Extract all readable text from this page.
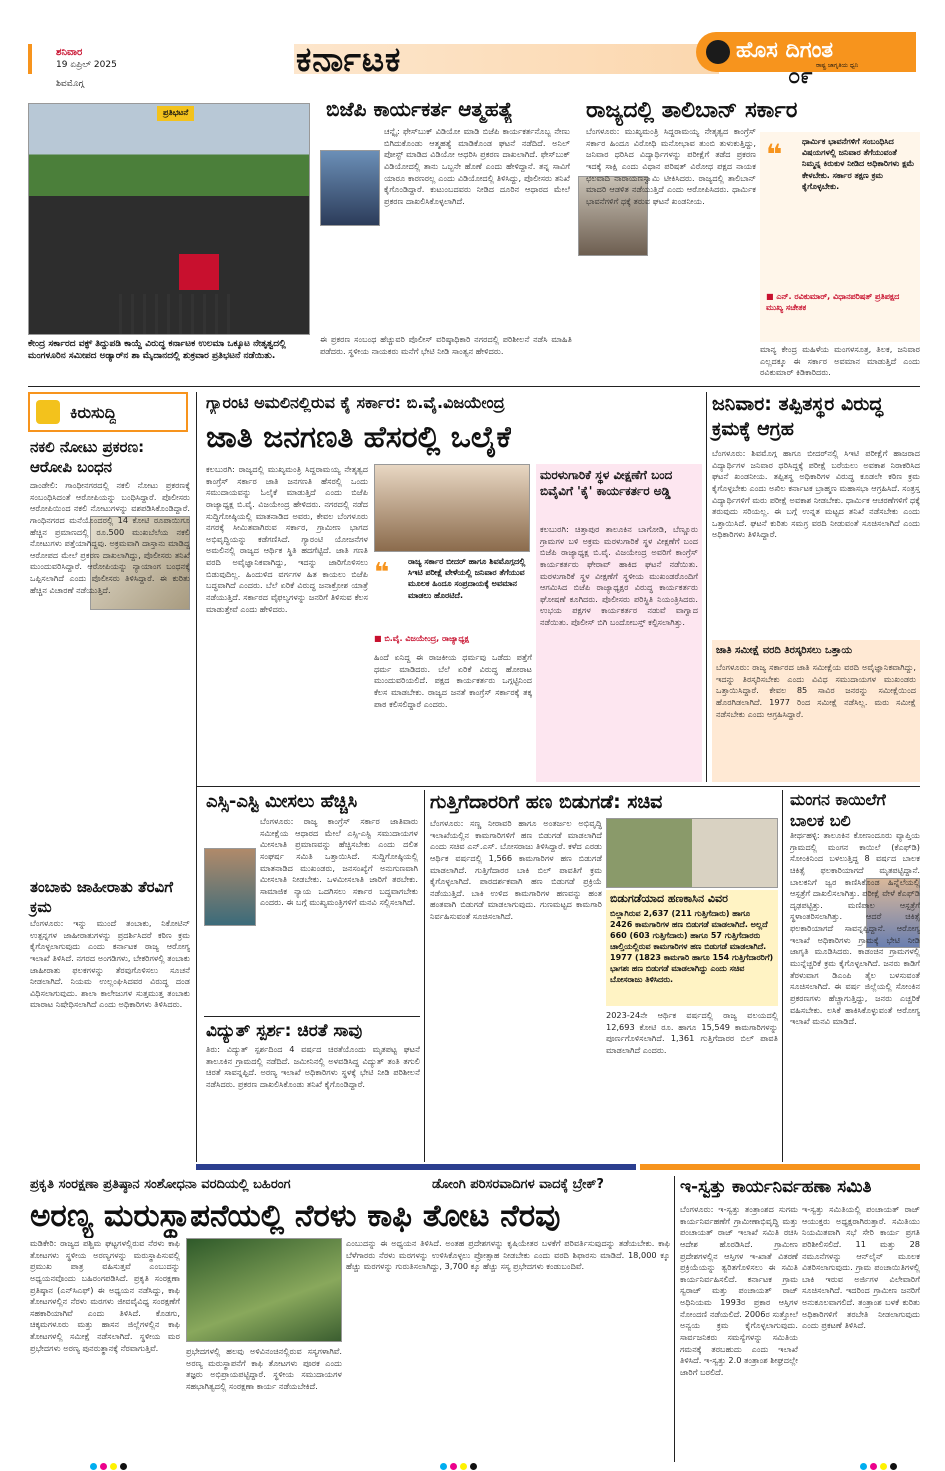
ಶನಿವಾರ
19 ಏಪ್ರಿಲ್ 2025
ಶಿವಮೊಗ್ಗ
ಕರ್ನಾಟಕ	ಹೊಸ ದಿಗಂತ
ರಾಷ್ಟ್ರ ಜಾಗೃತಿಯ ಧ್ವನಿ
೦೯
ಪ್ರತಿಭಟನೆ
ಕೇಂದ್ರ ಸರ್ಕಾರದ ವಕ್ಫ್ ತಿದ್ದುಪಡಿ ಕಾಯ್ದೆ ವಿರುದ್ಧ ಕರ್ನಾಟಕ ಉಲಮಾ ಒಕ್ಕೂಟ ನೇತೃತ್ವದಲ್ಲಿ ಮಂಗಳೂರಿನ ಸಮೀಪದ ಅಡ್ಯಾರ್‌ನ ಶಾ ಮೈದಾನದಲ್ಲಿ ಶುಕ್ರವಾರ ಪ್ರತಿಭಟನೆ ನಡೆಯಿತು.
ಬಿಜೆಪಿ ಕಾರ್ಯಕರ್ತ ಆತ್ಮಹತ್ಯೆ
ಚನ್ನೈ: ಫೇಸ್‌ಬುಕ್ ವಿಡಿಯೋ ಮಾಡಿ ಬಿಜೆಪಿ ಕಾರ್ಯಕರ್ತನೊಬ್ಬ ನೇಣು ಬಿಗಿದುಕೊಂಡು ಆತ್ಮಹತ್ಯೆ ಮಾಡಿಕೊಂಡ ಘಟನೆ ನಡೆದಿದೆ. ಅನಿಲ್ ಪೋಸ್ಟ್ ಮಾಡಿದ ವಿಡಿಯೋ ಆಧರಿಸಿ ಪ್ರಕರಣ ದಾಖಲಾಗಿದೆ. ಫೇಸ್‌ಬುಕ್ ವಿಡಿಯೋದಲ್ಲಿ ತಾನು ಒಬ್ಬನೇ ಹೊಣೆ ಎಂದು ಹೇಳಿದ್ದಾನೆ. ತನ್ನ ಸಾವಿಗೆ ಯಾರೂ ಕಾರಣರಲ್ಲ ಎಂದು ವಿಡಿಯೋದಲ್ಲಿ ತಿಳಿಸಿದ್ದು, ಪೊಲೀಸರು ತನಿಖೆ ಕೈಗೊಂಡಿದ್ದಾರೆ. ಕುಟುಂಬದವರು ನೀಡಿದ ದೂರಿನ ಆಧಾರದ ಮೇಲೆ ಪ್ರಕರಣ ದಾಖಲಿಸಿಕೊಳ್ಳಲಾಗಿದೆ.
ಈ ಪ್ರಕರಣ ಸಂಬಂಧ ಹೆಚ್ಚುವರಿ ಪೊಲೀಸ್ ವರಿಷ್ಠಾಧಿಕಾರಿ ನಗರದಲ್ಲಿ ಪರಿಶೀಲನೆ ನಡೆಸಿ ಮಾಹಿತಿ ಪಡೆದರು. ಸ್ಥಳೀಯ ನಾಯಕರು ಮನೆಗೆ ಭೇಟಿ ನೀಡಿ ಸಾಂತ್ವನ ಹೇಳಿದರು.
ರಾಜ್ಯದಲ್ಲಿ ತಾಲಿಬಾನ್ ಸರ್ಕಾರ
ಬೆಂಗಳೂರು: ಮುಖ್ಯಮಂತ್ರಿ ಸಿದ್ದರಾಮಯ್ಯ ನೇತೃತ್ವದ ಕಾಂಗ್ರೆಸ್ ಸರ್ಕಾರ ಹಿಂದೂ ವಿರೋಧಿ ಮನೋಭಾವ ತುಂಬಿ ತುಳುಕುತ್ತಿದ್ದು, ಜನಿವಾರ ಧರಿಸಿದ ವಿದ್ಯಾರ್ಥಿಗಳನ್ನು ಪರೀಕ್ಷೆಗೆ ತಡೆದ ಪ್ರಕರಣ ಇದಕ್ಕೆ ಸಾಕ್ಷಿ ಎಂದು ವಿಧಾನ ಪರಿಷತ್ ವಿರೋಧ ಪಕ್ಷದ ನಾಯಕ ಛಲವಾದಿ ನಾರಾಯಣಸ್ವಾಮಿ ಟೀಕಿಸಿದರು. ರಾಜ್ಯದಲ್ಲಿ ತಾಲಿಬಾನ್ ಮಾದರಿ ಆಡಳಿತ ನಡೆಯುತ್ತಿದೆ ಎಂದು ಆರೋಪಿಸಿದರು. ಧಾರ್ಮಿಕ ಭಾವನೆಗಳಿಗೆ ಧಕ್ಕೆ ತರುವ ಘಟನೆ ಖಂಡನೀಯ.
❝ ಧಾರ್ಮಿಕ ಭಾವನೆಗಳಿಗೆ ಸಂಬಂಧಿಸಿದ ವಿಷಯಗಳಲ್ಲಿ ಜನಿವಾರ ತೆಗೆಯುವಂತೆ ನಿಮ್ಮನ್ನ ಕಿರುಕುಳ ನೀಡಿದ ಅಧಿಕಾರಿಗಳು ಕ್ಷಮೆ ಕೇಳಬೇಕು. ಸರ್ಕಾರ ತಕ್ಷಣ ಕ್ರಮ ಕೈಗೊಳ್ಳಬೇಕು.
■ ಎನ್. ರವಿಕುಮಾರ್, ವಿಧಾನಪರಿಷತ್ ಪ್ರತಿಪಕ್ಷದ ಮುಖ್ಯ ಸಚೇತಕ
ಮಾನ್ಯ ಕೇಂದ್ರ ಮಹಿಳೆಯ ಮಂಗಳಸೂತ್ರ, ತಿಲಕ, ಜನಿವಾರ ಎಲ್ಲದಕ್ಕೂ ಈ ಸರ್ಕಾರ ಅವಮಾನ ಮಾಡುತ್ತಿದೆ ಎಂದು ರವಿಕುಮಾರ್ ಕಿಡಿಕಾರಿದರು.
ಕಿರುಸುದ್ದಿ
ನಕಲಿ ನೋಟು ಪ್ರಕರಣ: ಆರೋಪಿ ಬಂಧನ
ದಾಂಡೇಲಿ: ಗಾಂಧೀನಗರದಲ್ಲಿ ನಕಲಿ ನೋಟು ಪ್ರಕರಣಕ್ಕೆ ಸಂಬಂಧಿಸಿದಂತೆ ಆರೋಪಿಯನ್ನು ಬಂಧಿಸಿದ್ದಾರೆ. ಪೊಲೀಸರು ಆರೋಪಿಯಿಂದ ನಕಲಿ ನೋಟುಗಳನ್ನು ವಶಪಡಿಸಿಕೊಂಡಿದ್ದಾರೆ. ಗಾಂಧಿನಗರದ ಮನೆಯೊಂದರಲ್ಲಿ 14 ಕೋಟಿ ರೂಪಾಯಿಗೂ ಹೆಚ್ಚಿನ ಪ್ರಮಾಣದಲ್ಲಿ ರೂ.500 ಮುಖಬೆಲೆಯ ನಕಲಿ ನೋಟುಗಳು ಪತ್ತೆಯಾಗಿದ್ದವು. ಅಕ್ರಮವಾಗಿ ದಾಸ್ತಾನು ಮಾಡಿದ್ದ ಆರೋಪದ ಮೇಲೆ ಪ್ರಕರಣ ದಾಖಲಾಗಿದ್ದು, ಪೊಲೀಸರು ತನಿಖೆ ಮುಂದುವರಿಸಿದ್ದಾರೆ. ಆರೋಪಿಯನ್ನು ನ್ಯಾಯಾಂಗ ಬಂಧನಕ್ಕೆ ಒಪ್ಪಿಸಲಾಗಿದೆ ಎಂದು ಪೊಲೀಸರು ತಿಳಿಸಿದ್ದಾರೆ. ಈ ಕುರಿತು ಹೆಚ್ಚಿನ ವಿಚಾರಣೆ ನಡೆಯುತ್ತಿದೆ.
ತಂಬಾಕು ಜಾಹೀರಾತು ತೆರವಿಗೆ ಕ್ರಮ
ಬೆಂಗಳೂರು: ಇನ್ನು ಮುಂದೆ ತಂಬಾಕು, ನಿಕೋಟಿನ್ ಉತ್ಪನ್ನಗಳ ಜಾಹೀರಾತುಗಳನ್ನು ಪ್ರದರ್ಶಿಸಿದರೆ ಕಠಿಣ ಕ್ರಮ ಕೈಗೊಳ್ಳಲಾಗುವುದು ಎಂದು ಕರ್ನಾಟಕ ರಾಜ್ಯ ಆರೋಗ್ಯ ಇಲಾಖೆ ತಿಳಿಸಿದೆ. ನಗರದ ಅಂಗಡಿಗಳು, ಬೇಕರಿಗಳಲ್ಲಿ ತಂಬಾಕು ಜಾಹೀರಾತು ಫಲಕಗಳನ್ನು ತೆರವುಗೊಳಿಸಲು ಸೂಚನೆ ನೀಡಲಾಗಿದೆ. ನಿಯಮ ಉಲ್ಲಂಘಿಸಿದವರ ವಿರುದ್ಧ ದಂಡ ವಿಧಿಸಲಾಗುವುದು. ಶಾಲಾ ಕಾಲೇಜುಗಳ ಸುತ್ತಮುತ್ತ ತಂಬಾಕು ಮಾರಾಟ ನಿಷೇಧಿಸಲಾಗಿದೆ ಎಂದು ಅಧಿಕಾರಿಗಳು ತಿಳಿಸಿದರು.
ಗ್ಯಾರಂಟಿ ಅಮಲಿನಲ್ಲಿರುವ ಕೈ ಸರ್ಕಾರ: ಬಿ.ವೈ.ವಿಜಯೇಂದ್ರ
ಜಾತಿ ಜನಗಣತಿ ಹೆಸರಲ್ಲಿ ಒಲೈಕೆ
ಕಲಬುರಗಿ: ರಾಜ್ಯದಲ್ಲಿ ಮುಖ್ಯಮಂತ್ರಿ ಸಿದ್ದರಾಮಯ್ಯ ನೇತೃತ್ವದ ಕಾಂಗ್ರೆಸ್ ಸರ್ಕಾರ ಜಾತಿ ಜನಗಣತಿ ಹೆಸರಲ್ಲಿ ಒಂದು ಸಮುದಾಯವನ್ನು ಓಲೈಕೆ ಮಾಡುತ್ತಿದೆ ಎಂದು ಬಿಜೆಪಿ ರಾಜ್ಯಾಧ್ಯಕ್ಷ ಬಿ.ವೈ. ವಿಜಯೇಂದ್ರ ಹೇಳಿದರು. ನಗರದಲ್ಲಿ ನಡೆದ ಸುದ್ದಿಗೋಷ್ಠಿಯಲ್ಲಿ ಮಾತನಾಡಿದ ಅವರು, ಕೇವಲ ಬೆಂಗಳೂರು ನಗರಕ್ಕೆ ಸೀಮಿತವಾಗಿರುವ ಸರ್ಕಾರ, ಗ್ರಾಮೀಣ ಭಾಗದ ಅಭಿವೃದ್ಧಿಯನ್ನು ಕಡೆಗಣಿಸಿದೆ. ಗ್ಯಾರಂಟಿ ಯೋಜನೆಗಳ ಅಮಲಿನಲ್ಲಿ ರಾಜ್ಯದ ಆರ್ಥಿಕ ಸ್ಥಿತಿ ಹದಗೆಟ್ಟಿದೆ. ಜಾತಿ ಗಣತಿ ವರದಿ ಅವೈಜ್ಞಾನಿಕವಾಗಿದ್ದು, ಇದನ್ನು ಜಾರಿಗೊಳಿಸಲು ಬಿಡುವುದಿಲ್ಲ. ಹಿಂದುಳಿದ ವರ್ಗಗಳ ಹಿತ ಕಾಯಲು ಬಿಜೆಪಿ ಬದ್ಧವಾಗಿದೆ ಎಂದರು. ಬೆಲೆ ಏರಿಕೆ ವಿರುದ್ಧ ಜನಾಕ್ರೋಶ ಯಾತ್ರೆ ನಡೆಯುತ್ತಿದೆ. ಸರ್ಕಾರದ ವೈಫಲ್ಯಗಳನ್ನು ಜನರಿಗೆ ತಿಳಿಸುವ ಕೆಲಸ ಮಾಡುತ್ತೇವೆ ಎಂದು ಹೇಳಿದರು.
❝ ರಾಜ್ಯ ಸರ್ಕಾರ ಬೀದರ್ ಹಾಗೂ ಶಿವಮೊಗ್ಗದಲ್ಲಿ ಸಿಇಟಿ ಪರೀಕ್ಷೆ ವೇಳೆಯಲ್ಲಿ ಜನಿವಾರ ತೆಗೆಯುವ ಮೂಲಕ ಹಿಂದೂ ಸಂಪ್ರದಾಯಕ್ಕೆ ಅವಮಾನ ಮಾಡಲು ಹೊರಟಿದೆ.
■ ಬಿ.ವೈ. ವಿಜಯೇಂದ್ರ, ರಾಜ್ಯಾಧ್ಯಕ್ಷ
ಹಿಂದೆ ಏನಿದ್ದ ಈ ರಾಜಕೀಯ ಧರ್ಮವು ಒಡೆದು ಪತ್ತೆಗೆ ಧರ್ಮ ಮಾಡಿದರು. ಬೆಲೆ ಏರಿಕೆ ವಿರುದ್ಧ ಹೋರಾಟ ಮುಂದುವರಿಯಲಿದೆ. ಪಕ್ಷದ ಕಾರ್ಯಕರ್ತರು ಒಗ್ಗಟ್ಟಿನಿಂದ ಕೆಲಸ ಮಾಡಬೇಕು. ರಾಜ್ಯದ ಜನತೆ ಕಾಂಗ್ರೆಸ್ ಸರ್ಕಾರಕ್ಕೆ ತಕ್ಕ ಪಾಠ ಕಲಿಸಲಿದ್ದಾರೆ ಎಂದರು.
ಮರಳುಗಾರಿಕೆ ಸ್ಥಳ ವೀಕ್ಷಣೆಗೆ ಬಂದ ಬಿವೈವಿಗೆ 'ಕೈ' ಕಾರ್ಯಕರ್ತರ ಅಡ್ಡಿ
ಕಲಬುರಗಿ: ಚಿತ್ತಾಪುರ ತಾಲೂಕಿನ ಬಾಗೋಡಿ, ಬೆಣ್ಣೂರು ಗ್ರಾಮಗಳ ಬಳಿ ಅಕ್ರಮ ಮರಳುಗಾರಿಕೆ ಸ್ಥಳ ವೀಕ್ಷಣೆಗೆ ಬಂದ ಬಿಜೆಪಿ ರಾಜ್ಯಾಧ್ಯಕ್ಷ ಬಿ.ವೈ. ವಿಜಯೇಂದ್ರ ಅವರಿಗೆ ಕಾಂಗ್ರೆಸ್ ಕಾರ್ಯಕರ್ತರು ಘೇರಾವ್ ಹಾಕಿದ ಘಟನೆ ನಡೆಯಿತು. ಮರಳುಗಾರಿಕೆ ಸ್ಥಳ ವೀಕ್ಷಣೆಗೆ ಸ್ಥಳೀಯ ಮುಖಂಡರೊಂದಿಗೆ ಆಗಮಿಸಿದ ಬಿಜೆಪಿ ರಾಜ್ಯಾಧ್ಯಕ್ಷರ ವಿರುದ್ಧ ಕಾರ್ಯಕರ್ತರು ಘೋಷಣೆ ಕೂಗಿದರು. ಪೊಲೀಸರು ಪರಿಸ್ಥಿತಿ ನಿಯಂತ್ರಿಸಿದರು. ಉಭಯ ಪಕ್ಷಗಳ ಕಾರ್ಯಕರ್ತರ ನಡುವೆ ವಾಗ್ವಾದ ನಡೆಯಿತು. ಪೊಲೀಸ್ ಬಿಗಿ ಬಂದೋಬಸ್ತ್ ಕಲ್ಪಿಸಲಾಗಿತ್ತು.
ಜನಿವಾರ: ತಪ್ಪಿತಸ್ಥರ ವಿರುದ್ಧ ಕ್ರಮಕ್ಕೆ ಆಗ್ರಹ
ಬೆಂಗಳೂರು: ಶಿವಮೊಗ್ಗ ಹಾಗೂ ಬೀದರ್‌ನಲ್ಲಿ ಸಿಇಟಿ ಪರೀಕ್ಷೆಗೆ ಹಾಜರಾದ ವಿದ್ಯಾರ್ಥಿಗಳ ಜನಿವಾರ ಧರಿಸಿದ್ದಕ್ಕೆ ಪರೀಕ್ಷೆ ಬರೆಯಲು ಅವಕಾಶ ನಿರಾಕರಿಸಿದ ಘಟನೆ ಖಂಡನೀಯ. ತಪ್ಪಿತಸ್ಥ ಅಧಿಕಾರಿಗಳ ವಿರುದ್ಧ ಕೂಡಲೇ ಕಠಿಣ ಕ್ರಮ ಕೈಗೊಳ್ಳಬೇಕು ಎಂದು ಅಖಿಲ ಕರ್ನಾಟಕ ಬ್ರಾಹ್ಮಣ ಮಹಾಸಭಾ ಆಗ್ರಹಿಸಿದೆ. ಸಂತ್ರಸ್ತ ವಿದ್ಯಾರ್ಥಿಗಳಿಗೆ ಮರು ಪರೀಕ್ಷೆ ಅವಕಾಶ ನೀಡಬೇಕು. ಧಾರ್ಮಿಕ ಆಚರಣೆಗಳಿಗೆ ಧಕ್ಕೆ ತರುವುದು ಸರಿಯಲ್ಲ. ಈ ಬಗ್ಗೆ ಉನ್ನತ ಮಟ್ಟದ ತನಿಖೆ ನಡೆಸಬೇಕು ಎಂದು ಒತ್ತಾಯಿಸಿದೆ. ಘಟನೆ ಕುರಿತು ಸಮಗ್ರ ವರದಿ ನೀಡುವಂತೆ ಸೂಚಿಸಲಾಗಿದೆ ಎಂದು ಅಧಿಕಾರಿಗಳು ತಿಳಿಸಿದ್ದಾರೆ.
ಜಾತಿ ಸಮೀಕ್ಷೆ ವರದಿ ತಿರಸ್ಕರಿಸಲು ಒತ್ತಾಯ
ಬೆಂಗಳೂರು: ರಾಜ್ಯ ಸರ್ಕಾರದ ಜಾತಿ ಸಮೀಕ್ಷೆಯ ವರದಿ ಅವೈಜ್ಞಾನಿಕವಾಗಿದ್ದು, ಇದನ್ನು ತಿರಸ್ಕರಿಸಬೇಕು ಎಂದು ವಿವಿಧ ಸಮುದಾಯಗಳ ಮುಖಂಡರು ಒತ್ತಾಯಿಸಿದ್ದಾರೆ. ಕೇವಲ 85 ಸಾವಿರ ಜನರನ್ನು ಸಮೀಕ್ಷೆಯಿಂದ ಹೊರಗಿಡಲಾಗಿದೆ. 1977 ರಿಂದ ಸಮೀಕ್ಷೆ ನಡೆಸಿಲ್ಲ. ಮರು ಸಮೀಕ್ಷೆ ನಡೆಸಬೇಕು ಎಂದು ಆಗ್ರಹಿಸಿದ್ದಾರೆ.
ಎಸ್ಸಿ-ಎಸ್ಟಿ ಮೀಸಲು ಹೆಚ್ಚಿಸಿ
ಬೆಂಗಳೂರು: ರಾಜ್ಯ ಕಾಂಗ್ರೆಸ್ ಸರ್ಕಾರ ಜಾತಿವಾರು ಸಮೀಕ್ಷೆಯ ಆಧಾರದ ಮೇಲೆ ಎಸ್ಸಿ-ಎಸ್ಟಿ ಸಮುದಾಯಗಳ ಮೀಸಲಾತಿ ಪ್ರಮಾಣವನ್ನು ಹೆಚ್ಚಿಸಬೇಕು ಎಂದು ದಲಿತ ಸಂಘರ್ಷ ಸಮಿತಿ ಒತ್ತಾಯಿಸಿದೆ. ಸುದ್ದಿಗೋಷ್ಠಿಯಲ್ಲಿ ಮಾತನಾಡಿದ ಮುಖಂಡರು, ಜನಸಂಖ್ಯೆಗೆ ಅನುಗುಣವಾಗಿ ಮೀಸಲಾತಿ ನೀಡಬೇಕು. ಒಳಮೀಸಲಾತಿ ಜಾರಿಗೆ ತರಬೇಕು. ಸಾಮಾಜಿಕ ನ್ಯಾಯ ಒದಗಿಸಲು ಸರ್ಕಾರ ಬದ್ಧವಾಗಬೇಕು ಎಂದರು. ಈ ಬಗ್ಗೆ ಮುಖ್ಯಮಂತ್ರಿಗಳಿಗೆ ಮನವಿ ಸಲ್ಲಿಸಲಾಗಿದೆ.
ವಿದ್ಯುತ್ ಸ್ಪರ್ಶ: ಚಿರತೆ ಸಾವು
ತಿರು: ವಿದ್ಯುತ್ ಸ್ಪರ್ಶದಿಂದ 4 ವರ್ಷದ ಚಿರತೆಯೊಂದು ಮೃತಪಟ್ಟ ಘಟನೆ ತಾಲೂಕಿನ ಗ್ರಾಮದಲ್ಲಿ ನಡೆದಿದೆ. ಜಮೀನಿನಲ್ಲಿ ಅಳವಡಿಸಿದ್ದ ವಿದ್ಯುತ್ ತಂತಿ ತಗುಲಿ ಚಿರತೆ ಸಾವನ್ನಪ್ಪಿದೆ. ಅರಣ್ಯ ಇಲಾಖೆ ಅಧಿಕಾರಿಗಳು ಸ್ಥಳಕ್ಕೆ ಭೇಟಿ ನೀಡಿ ಪರಿಶೀಲನೆ ನಡೆಸಿದರು. ಪ್ರಕರಣ ದಾಖಲಿಸಿಕೊಂಡು ತನಿಖೆ ಕೈಗೊಂಡಿದ್ದಾರೆ.
ಗುತ್ತಿಗೆದಾರರಿಗೆ ಹಣ ಬಿಡುಗಡೆ: ಸಚಿವ
ಬೆಂಗಳೂರು: ಸಣ್ಣ ನೀರಾವರಿ ಹಾಗೂ ಅಂತರ್ಜಲ ಅಭಿವೃದ್ಧಿ ಇಲಾಖೆಯಲ್ಲಿನ ಕಾಮಗಾರಿಗಳಿಗೆ ಹಣ ಬಿಡುಗಡೆ ಮಾಡಲಾಗಿದೆ ಎಂದು ಸಚಿವ ಎನ್.ಎಸ್. ಬೋಸರಾಜು ತಿಳಿಸಿದ್ದಾರೆ. ಕಳೆದ ಎರಡು ಆರ್ಥಿಕ ವರ್ಷದಲ್ಲಿ 1,566 ಕಾಮಗಾರಿಗಳ ಹಣ ಬಿಡುಗಡೆ ಮಾಡಲಾಗಿದೆ. ಗುತ್ತಿಗೆದಾರರ ಬಾಕಿ ಬಿಲ್ ಪಾವತಿಗೆ ಕ್ರಮ ಕೈಗೊಳ್ಳಲಾಗಿದೆ. ಪಾರದರ್ಶಕವಾಗಿ ಹಣ ಬಿಡುಗಡೆ ಪ್ರಕ್ರಿಯೆ ನಡೆಯುತ್ತಿದೆ. ಬಾಕಿ ಉಳಿದ ಕಾಮಗಾರಿಗಳ ಹಣವನ್ನು ಹಂತ ಹಂತವಾಗಿ ಬಿಡುಗಡೆ ಮಾಡಲಾಗುವುದು. ಗುಣಮಟ್ಟದ ಕಾಮಗಾರಿ ನಿರ್ವಹಿಸುವಂತೆ ಸೂಚಿಸಲಾಗಿದೆ.
ಬಿಡುಗಡೆಯಾದ ಹಣಕಾಸಿನ ವಿವರ
ಬಿಲ್ಲಾಗಿರುವ 2,637 (211 ಗುತ್ತಿಗೆದಾರು) ಹಾಗೂ 2426 ಕಾಮಗಾರಿಗಳ ಹಣ ಬಿಡುಗಡೆ ಮಾಡಲಾಗಿದೆ. ಅಲ್ಲದೆ 660 (603 ಗುತ್ತಿಗೆದಾರು) ಹಾಗೂ 57 ಗುತ್ತಿಗೆದಾರರು ಚಾಲ್ತಿಯಲ್ಲಿರುವ ಕಾಮಗಾರಿಗಳ ಹಣ ಬಿಡುಗಡೆ ಮಾಡಲಾಗಿದೆ. 1977 (1823 ಕಾಮಗಾರಿ ಹಾಗೂ 154 ಗುತ್ತಿಗೆದಾರರಿಗೆ) ಭಾಗಶಃ ಹಣ ಬಿಡುಗಡೆ ಮಾಡಲಾಗಿದ್ದು ಎಂದು ಸಚಿವ ಬೋಸರಾಜು ತಿಳಿಸಿದರು.
2023-24ನೇ ಆರ್ಥಿಕ ವರ್ಷದಲ್ಲಿ ರಾಜ್ಯ ವಲಯದಲ್ಲಿ 12,693 ಕೋಟಿ ರೂ. ಹಾಗೂ 15,549 ಕಾಮಗಾರಿಗಳನ್ನು ಪೂರ್ಣಗೊಳಿಸಲಾಗಿದೆ. 1,361 ಗುತ್ತಿಗೆದಾರರ ಬಿಲ್ ಪಾವತಿ ಮಾಡಲಾಗಿದೆ ಎಂದರು.
ಮಂಗನ ಕಾಯಿಲೆಗೆ ಬಾಲಕ ಬಲಿ
ತೀರ್ಥಹಳ್ಳಿ: ತಾಲೂಕಿನ ಕೋಣಂದೂರು ವ್ಯಾಪ್ತಿಯ ಗ್ರಾಮದಲ್ಲಿ ಮಂಗನ ಕಾಯಿಲೆ (ಕೆಎಫ್‌ಡಿ) ಸೋಂಕಿನಿಂದ ಬಳಲುತ್ತಿದ್ದ 8 ವರ್ಷದ ಬಾಲಕ ಚಿಕಿತ್ಸೆ ಫಲಕಾರಿಯಾಗದೆ ಮೃತಪಟ್ಟಿದ್ದಾನೆ. ಬಾಲಕನಿಗೆ ಜ್ವರ ಕಾಣಿಸಿಕೊಂಡ ಹಿನ್ನೆಲೆಯಲ್ಲಿ ಆಸ್ಪತ್ರೆಗೆ ದಾಖಲಿಸಲಾಗಿತ್ತು. ಪರೀಕ್ಷೆ ವೇಳೆ ಕೆಎಫ್‌ಡಿ ದೃಢಪಟ್ಟಿತ್ತು. ಮಣಿಪಾಲ ಆಸ್ಪತ್ರೆಗೆ ಸ್ಥಳಾಂತರಿಸಲಾಗಿತ್ತು. ಆದರೆ ಚಿಕಿತ್ಸೆ ಫಲಕಾರಿಯಾಗದೆ ಸಾವನ್ನಪ್ಪಿದ್ದಾನೆ. ಆರೋಗ್ಯ ಇಲಾಖೆ ಅಧಿಕಾರಿಗಳು ಗ್ರಾಮಕ್ಕೆ ಭೇಟಿ ನೀಡಿ ಜಾಗೃತಿ ಮೂಡಿಸಿದರು. ಕಾಡಂಚಿನ ಗ್ರಾಮಗಳಲ್ಲಿ ಮುನ್ನೆಚ್ಚರಿಕೆ ಕ್ರಮ ಕೈಗೊಳ್ಳಲಾಗಿದೆ. ಜನರು ಕಾಡಿಗೆ ತೆರಳುವಾಗ ಡಿಎಂಪಿ ತೈಲ ಬಳಸುವಂತೆ ಸೂಚಿಸಲಾಗಿದೆ. ಈ ವರ್ಷ ಜಿಲ್ಲೆಯಲ್ಲಿ ಸೋಂಕಿನ ಪ್ರಕರಣಗಳು ಹೆಚ್ಚಾಗುತ್ತಿದ್ದು, ಜನರು ಎಚ್ಚರಿಕೆ ವಹಿಸಬೇಕು. ಲಸಿಕೆ ಹಾಕಿಸಿಕೊಳ್ಳುವಂತೆ ಆರೋಗ್ಯ ಇಲಾಖೆ ಮನವಿ ಮಾಡಿದೆ.
ಪ್ರಕೃತಿ ಸಂರಕ್ಷಣಾ ಪ್ರತಿಷ್ಠಾನ ಸಂಶೋಧನಾ ವರದಿಯಲ್ಲಿ ಬಹಿರಂಗ	ಡೋಂಗಿ ಪರಿಸರವಾದಿಗಳ ವಾದಕ್ಕೆ ಬ್ರೇಕ್?
ಅರಣ್ಯ ಮರುಸ್ಥಾಪನೆಯಲ್ಲಿ ನೆರಳು ಕಾಫಿ ತೋಟ ನೆರವು
ಮಡಿಕೇರಿ: ರಾಜ್ಯದ ಪಶ್ಚಿಮ ಘಟ್ಟಗಳಲ್ಲಿರುವ ನೆರಳು ಕಾಫಿ ತೋಟಗಳು ಸ್ಥಳೀಯ ಅರಣ್ಯಗಳನ್ನು ಮರುಸ್ಥಾಪಿಸುವಲ್ಲಿ ಪ್ರಮುಖ ಪಾತ್ರ ವಹಿಸುತ್ತವೆ ಎಂಬುದನ್ನು ಅಧ್ಯಯನವೊಂದು ಬಹಿರಂಗಪಡಿಸಿದೆ. ಪ್ರಕೃತಿ ಸಂರಕ್ಷಣಾ ಪ್ರತಿಷ್ಠಾನ (ಎನ್‌ಸಿಎಫ್) ಈ ಅಧ್ಯಯನ ನಡೆಸಿದ್ದು, ಕಾಫಿ ತೋಟಗಳಲ್ಲಿನ ನೆರಳು ಮರಗಳು ಜೀವವೈವಿಧ್ಯ ಸಂರಕ್ಷಣೆಗೆ ಸಹಕಾರಿಯಾಗಿವೆ ಎಂದು ತಿಳಿಸಿದೆ. ಕೊಡಗು, ಚಿಕ್ಕಮಗಳೂರು ಮತ್ತು ಹಾಸನ ಜಿಲ್ಲೆಗಳಲ್ಲಿನ ಕಾಫಿ ತೋಟಗಳಲ್ಲಿ ಸಮೀಕ್ಷೆ ನಡೆಸಲಾಗಿದೆ. ಸ್ಥಳೀಯ ಮರ ಪ್ರಭೇದಗಳು ಅರಣ್ಯ ಪುನರುತ್ಥಾನಕ್ಕೆ ನೆರವಾಗುತ್ತಿವೆ.	ಪ್ರಭೇದಗಳಲ್ಲಿ ಹಲವು ಅಳಿವಿನಂಚಿನಲ್ಲಿರುವ ಸಸ್ಯಗಳಾಗಿವೆ. ಅರಣ್ಯ ಮರುಸ್ಥಾಪನೆಗೆ ಕಾಫಿ ತೋಟಗಳು ಪೂರಕ ಎಂದು ತಜ್ಞರು ಅಭಿಪ್ರಾಯಪಟ್ಟಿದ್ದಾರೆ. ಸ್ಥಳೀಯ ಸಮುದಾಯಗಳ ಸಹಭಾಗಿತ್ವದಲ್ಲಿ ಸಂರಕ್ಷಣಾ ಕಾರ್ಯ ನಡೆಯಬೇಕಿದೆ.
ಎಂಬುದನ್ನು ಈ ಅಧ್ಯಯನ ತಿಳಿಸಿದೆ. ಅಂತಹ ಪ್ರದೇಶಗಳನ್ನು ಕೃಷಿಯೇತರ ಬಳಕೆಗೆ ಪರಿವರ್ತಿಸುವುದನ್ನು ತಡೆಯಬೇಕು. ಕಾಫಿ ಬೆಳೆಗಾರರು ನೆರಳು ಮರಗಳನ್ನು ಉಳಿಸಿಕೊಳ್ಳಲು ಪ್ರೋತ್ಸಾಹ ನೀಡಬೇಕು ಎಂದು ವರದಿ ಶಿಫಾರಸು ಮಾಡಿದೆ. 18,000 ಕ್ಕೂ ಹೆಚ್ಚು ಮರಗಳನ್ನು ಗುರುತಿಸಲಾಗಿದ್ದು, 3,700 ಕ್ಕೂ ಹೆಚ್ಚು ಸಸ್ಯ ಪ್ರಭೇದಗಳು ಕಂಡುಬಂದಿವೆ.
ಇ-ಸ್ವತ್ತು ಕಾರ್ಯನಿರ್ವಹಣಾ ಸಮಿತಿ
ಬೆಂಗಳೂರು: ಇ-ಸ್ವತ್ತು ತಂತ್ರಾಂಶದ ಸುಗಮ ಕಾರ್ಯನಿರ್ವಹಣೆಗೆ ಗ್ರಾಮೀಣಾಭಿವೃದ್ಧಿ ಮತ್ತು ಪಂಚಾಯತ್ ರಾಜ್ ಇಲಾಖೆ ಸಮಿತಿ ರಚಿಸಿ ಆದೇಶ ಹೊರಡಿಸಿದೆ. ಗ್ರಾಮೀಣ ಪ್ರದೇಶಗಳಲ್ಲಿನ ಆಸ್ತಿಗಳ ಇ-ಖಾತೆ ವಿತರಣೆ ಪ್ರಕ್ರಿಯೆಯನ್ನು ತ್ವರಿತಗೊಳಿಸಲು ಈ ಸಮಿತಿ ಕಾರ್ಯನಿರ್ವಹಿಸಲಿದೆ. ಕರ್ನಾಟಕ ಗ್ರಾಮ ಸ್ವರಾಜ್ ಮತ್ತು ಪಂಚಾಯತ್ ರಾಜ್ ಅಧಿನಿಯಮ 1993ರ ಪ್ರಕಾರ ಆಸ್ತಿಗಳ ನೋಂದಣಿ ನಡೆಯಲಿದೆ. 2006ರ ಸುತ್ತೋಲೆ ಅನ್ವಯ ಕ್ರಮ ಕೈಗೊಳ್ಳಲಾಗುವುದು. ಸಾರ್ವಜನಿಕರು ಸಮಸ್ಯೆಗಳನ್ನು ಸಮಿತಿಯ ಗಮನಕ್ಕೆ ತರಬಹುದು ಎಂದು ಇಲಾಖೆ ತಿಳಿಸಿದೆ. ಇ-ಸ್ವತ್ತು 2.0 ತಂತ್ರಾಂಶ ಶೀಘ್ರದಲ್ಲೇ ಜಾರಿಗೆ ಬರಲಿದೆ.
ಇ-ಸ್ವತ್ತು ಸಮಿತಿಯಲ್ಲಿ ಪಂಚಾಯತ್ ರಾಜ್ ಆಯುಕ್ತರು ಅಧ್ಯಕ್ಷರಾಗಿರುತ್ತಾರೆ. ಸಮಿತಿಯು ನಿಯಮಿತವಾಗಿ ಸಭೆ ಸೇರಿ ಕಾರ್ಯ ಪ್ರಗತಿ ಪರಿಶೀಲಿಸಲಿದೆ. 11 ಮತ್ತು 28 ನಮೂನೆಗಳನ್ನು ಆನ್‌ಲೈನ್ ಮೂಲಕ ವಿತರಿಸಲಾಗುವುದು. ಗ್ರಾಮ ಪಂಚಾಯಿತಿಗಳಲ್ಲಿ ಬಾಕಿ ಇರುವ ಅರ್ಜಿಗಳ ವಿಲೇವಾರಿಗೆ ಸೂಚಿಸಲಾಗಿದೆ. ಇದರಿಂದ ಗ್ರಾಮೀಣ ಜನರಿಗೆ ಅನುಕೂಲವಾಗಲಿದೆ. ತಂತ್ರಾಂಶ ಬಳಕೆ ಕುರಿತು ಅಧಿಕಾರಿಗಳಿಗೆ ತರಬೇತಿ ನೀಡಲಾಗುವುದು ಎಂದು ಪ್ರಕಟಣೆ ತಿಳಿಸಿದೆ.
